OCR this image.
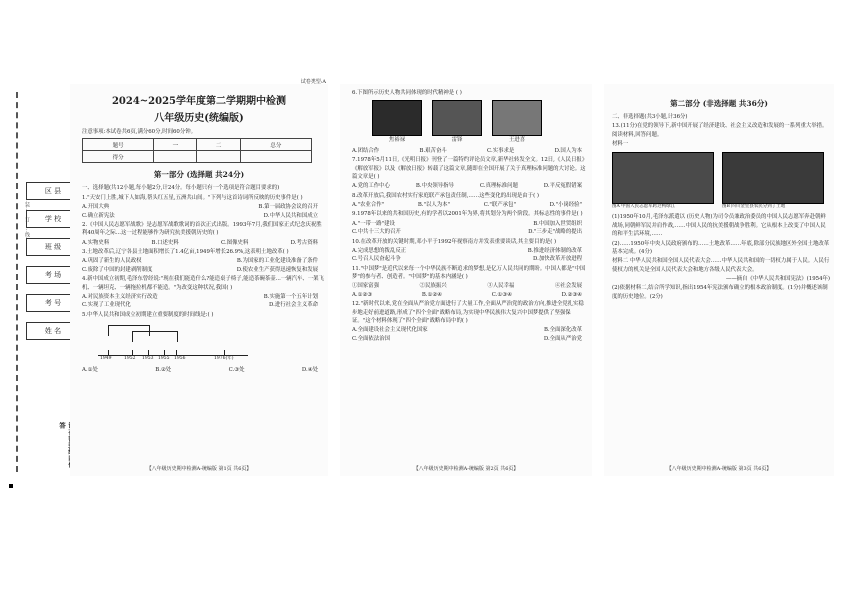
区 县
学 校
班 级
考 场
考 号
姓 名
答
……装……订……线……
试卷类型:A

2024~2025学年度第二学期期中检测

八年级历史(统编版)

注意事项:本试卷共6页,满分60分,时间60分钟。
题号	一	二	总分
得分			
第一部分 (选择题 共24分)
一、选择题(共12小题,每小题2分,计24分。每小题只有一个选项是符合题目要求的)
1."天安门上胜,城下人如海,帮头红五星,五洲共山间。"下列与这首诗词所反映的历史事件是( )
A.开国大典	B.第一届政协会议的召开
C.确立新宪法	D.中华人民共和国成立
2.《中国人民志愿军战歌》是志愿军战歌歌词的首次正式出版。1993年7月,我们国家正式纪念庆祝胜利40周年之际...这一过程能够作为研究抗美援朝历史的( )
A.实物史料	B.口述史料	C.图像史料	D.考古资料
3.土地改革后,辽宁各县土地面积增长了1.4亿亩,1949年增长26.9%,这表明土地改革( )
A.巩固了新生的人民政权	B.为国家的工业化建设准备了条件
C.废除了中国的封建剥削制度	D.使农业生产获得迅速恢复和发展
4.新中国成立初期,毛泽东曾经说:"现在我们能造什么?能造桌子椅子,能造茶碗茶壶...一辆汽车、一架飞机、一辆坦克、一辆拖拉机都不能造。"为改变这种状况,我国( )
A.对民族资本主义经济实行改造	B.实施第一个五年计划
C.实现了工业现代化	D.进行社会主义革命
5.中华人民共和国成立初期建立重要制度的时间线是:( )
1949	1952 1953 1955 1956	1976(年)
A.①处	B.②处	C.③处	D.④处
【八年级历史期中检测A-统编版 第1页 共6页】
6.下图所示历史人物共同体现的时代精神是 ( )
焦裕禄	雷锋	王进喜
A.团结合作	B.艰苦奋斗	C.实事求是	D.国人为本
7.1978年5月11日,《光明日报》刊登了一篇特约评论员文章,新华社转发全文。12日,《人民日报》《解放军报》以及《解放日报》转载了这篇文章,随即在全国开展了关于真理标准问题的大讨论。这篇文章是( )
A.党的工作中心	B.中央领导指导	C.真理标准问题	D.平反冤假错案
8.改革开放后,我国农村实行家庭联产承包责任制,……这些变化的出现是由于( )
A."农业合作"	B."以人为本"	C."联产承包"	D."小岗经验"
9.1978年以来的共和国历史,有的学者以2001年为界,将其划分为两个阶段。其标志性的事件是( )
A."一带一路"建设	B.中国加入世贸组织
C.中共十三大的召开	D."三步走"战略的提出
10.在改革开放的关键时期,邓小平于1992年视察南方并发表重要谈话,其主要目的是( )
A.完成思想的拨乱反正	B.推进经济体制的改革
C.号召人民奋起斗争	D.加快改革开放进程
11."中国梦"是近代以来每一个中华民族不断追求的梦想,是亿万人民共同的期盼。中国人都是"中国梦"的参与者、创造者。"中国梦"的基本内涵是( )
①国家富强	②民族振兴	③人民幸福	④社会发展
A.①②③	B.①②④	C.①③④	D.②③④
12."新时代以来,党在全面从严治党方面进行了大量工作,全面从严治党的政治方向,推进全党扎实稳步地走好前进道路,形成了"四个全面"战略布局,为实现中华民族伟大复兴中国梦提供了坚强保证。"这个材料体现了"四个全面"战略布局中的( )
A.全面建设社会主义现代化国家	B.全面深化改革
C.全面依法治国	D.全面从严治党
【八年级历史期中检测A-统编版 第2页 共6页】
第二部分 (非选择题 共36分)
二、非选择题(共3小题,计36分)
13.(11分)在党的领导下,新中国开展了经济建设、社会主义改造和发展的一系列重大举措。阅读材料,回答问题。
材料一
图A 中国人民志愿军跨过鸭绿江	图B 四川金堂县农民分到了土地
(1)1950年10月,毛泽东派遣以 (历史人物)为司令员兼政治委员的中国人民志愿军奔赴朝鲜战场,同朝鲜军民并肩作战,……中国人民的抗美援朝战争胜利。它从根本上改变了中国人民的和平生活环境,……
(2)……1950年中央人民政府颁布的……土地改革……年底,除部分民族地区外全国土地改革基本完成。(4分)
材料二 中华人民共和国全国人民代表大会……中华人民共和国的一切权力属于人民。人民行使权力的机关是全国人民代表大会和地方各级人民代表大会。
——摘自《中华人民共和国宪法》(1954年)
(2)依据材料二,结合所学知识,指出1954年宪法颁布确立的根本政治制度。(1分)并概述该制度的历史地位。(2分)
【八年级历史期中检测A-统编版 第3页 共6页】
